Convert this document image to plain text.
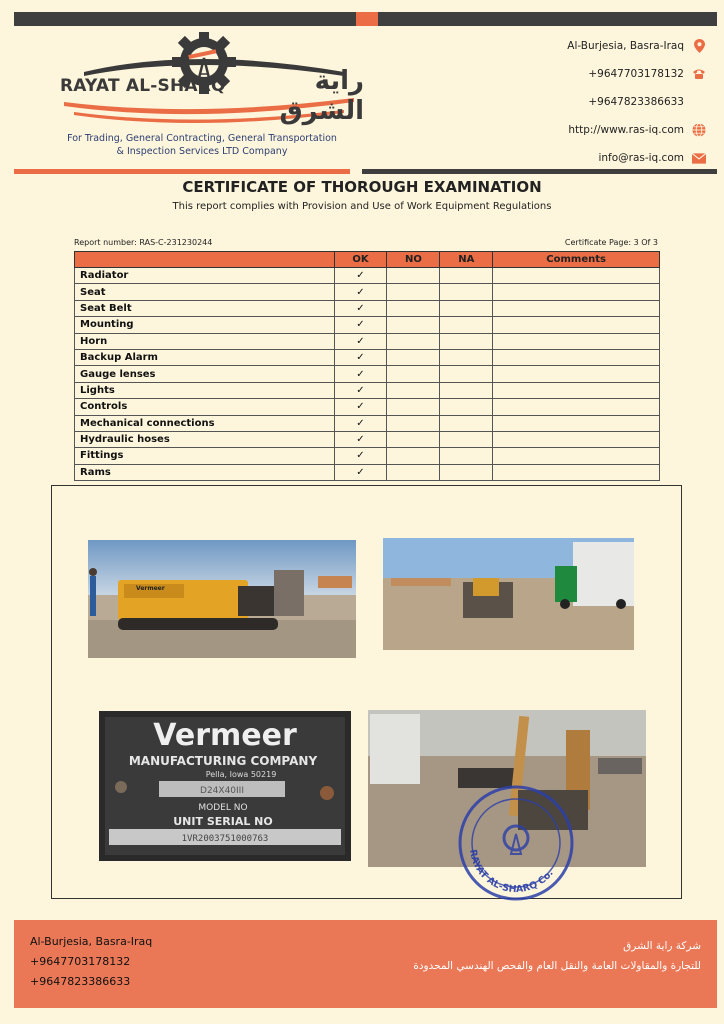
RAYAT AL-SHARQ	راية الشرق
For Trading, General Contracting, General Transportation
& Inspection Services LTD Company
Al-Burjesia, Basra-Iraq
+9647703178132
+9647823386633
http://www.ras-iq.com
info@ras-iq.com
CERTIFICATE OF THOROUGH EXAMINATION
This report complies with Provision and Use of Work Equipment Regulations
Report number: RAS-C-231230244	Certificate Page: 3 Of 3
	OK	NO	NA	Comments
Radiator	✓			
Seat	✓			
Seat Belt	✓			
Mounting	✓			
Horn	✓			
Backup Alarm	✓			
Gauge lenses	✓			
Lights	✓			
Controls	✓			
Mechanical connections	✓			
Hydraulic hoses	✓			
Fittings	✓			
Rams	✓			
Vermeer
Vermeer
MANUFACTURING COMPANY
Pella, Iowa 50219
D24X40III
MODEL NO
UNIT SERIAL NO
1VR2003751000763
RAYAT AL-SHARQ Co.
Al-Burjesia, Basra-Iraq
+9647703178132
+9647823386633
شركة راية الشرق
للتجارة والمقاولات العامة والنقل العام والفحص الهندسي المحدودة
